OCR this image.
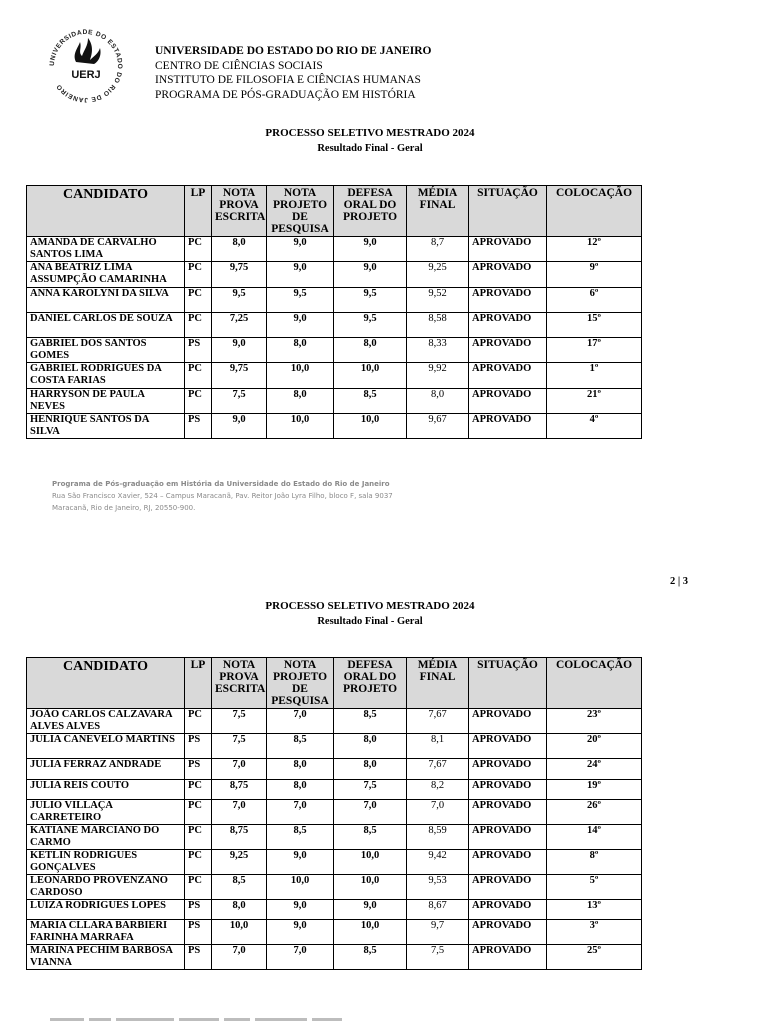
UNIVERSIDADE DO ESTADO DO RIO DE JANEIRO
UERJ
UNIVERSIDADE DO ESTADO DO RIO DE JANEIRO
CENTRO DE CIÊNCIAS SOCIAIS
INSTITUTO DE FILOSOFIA E CIÊNCIAS HUMANAS
PROGRAMA DE PÓS-GRADUAÇÃO EM HISTÓRIA
PROCESSO SELETIVO MESTRADO 2024
Resultado Final - Geral
CANDIDATO	LP	NOTA PROVA ESCRITA	NOTA PROJETO DE PESQUISA	DEFESA ORAL DO PROJETO	MÉDIA FINAL	SITUAÇÃO	COLOCAÇÃO
AMANDA DE CARVALHO SANTOS LIMA	PC	8,0	9,0	9,0	8,7	APROVADO	12º
ANA BEATRIZ LIMA ASSUMPÇÃO CAMARINHA	PC	9,75	9,0	9,0	9,25	APROVADO	9º
ANNA KAROLYNI DA SILVA	PC	9,5	9,5	9,5	9,52	APROVADO	6º
DANIEL CARLOS DE SOUZA	PC	7,25	9,0	9,5	8,58	APROVADO	15º
GABRIEL DOS SANTOS GOMES	PS	9,0	8,0	8,0	8,33	APROVADO	17º
GABRIEL RODRIGUES DA COSTA FARIAS	PC	9,75	10,0	10,0	9,92	APROVADO	1º
HARRYSON DE PAULA NEVES	PC	7,5	8,0	8,5	8,0	APROVADO	21º
HENRIQUE SANTOS DA SILVA	PS	9,0	10,0	10,0	9,67	APROVADO	4º
Programa de Pós-graduação em História da Universidade do Estado do Rio de Janeiro
Rua São Francisco Xavier, 524 – Campus Maracanã, Pav. Reitor João Lyra Filho, bloco F, sala 9037
Maracanã, Rio de Janeiro, RJ, 20550-900.
2 | 3
PROCESSO SELETIVO MESTRADO 2024
Resultado Final - Geral
CANDIDATO	LP	NOTA PROVA ESCRITA	NOTA PROJETO DE PESQUISA	DEFESA ORAL DO PROJETO	MÉDIA FINAL	SITUAÇÃO	COLOCAÇÃO
JOÃO CARLOS CALZAVARA ALVES ALVES	PC	7,5	7,0	8,5	7,67	APROVADO	23º
JULIA CANEVELO MARTINS	PS	7,5	8,5	8,0	8,1	APROVADO	20º
JULIA FERRAZ ANDRADE	PS	7,0	8,0	8,0	7,67	APROVADO	24º
JULIA REIS COUTO	PC	8,75	8,0	7,5	8,2	APROVADO	19º
JULIO VILLAÇA CARRETEIRO	PC	7,0	7,0	7,0	7,0	APROVADO	26º
KATIANE MARCIANO DO CARMO	PC	8,75	8,5	8,5	8,59	APROVADO	14º
KETLIN RODRIGUES GONÇALVES	PC	9,25	9,0	10,0	9,42	APROVADO	8º
LEONARDO PROVENZANO CARDOSO	PC	8,5	10,0	10,0	9,53	APROVADO	5º
LUIZA RODRIGUES LOPES	PS	8,0	9,0	9,0	8,67	APROVADO	13º
MARIA CLLARA BARBIERI FARINHA MARRAFA	PS	10,0	9,0	10,0	9,7	APROVADO	3º
MARINA PECHIM BARBOSA VIANNA	PS	7,0	7,0	8,5	7,5	APROVADO	25º
